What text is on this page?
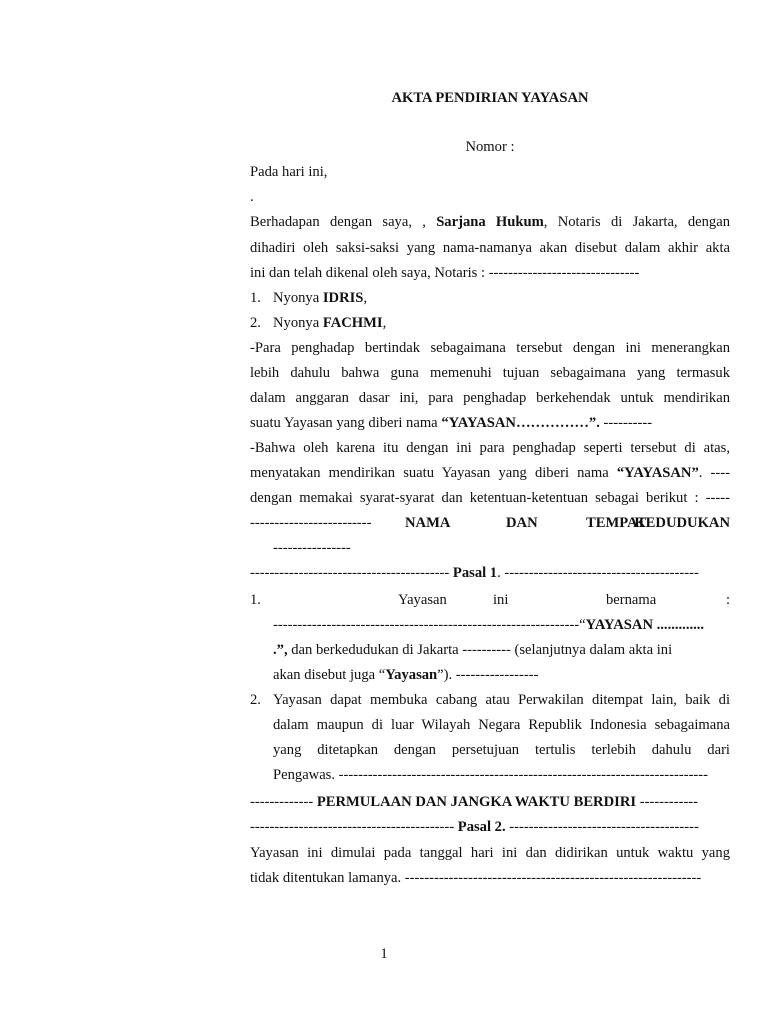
AKTA PENDIRIAN YAYASAN
Nomor :
Pada hari ini,
.
Berhadapan dengan saya, , Sarjana Hukum, Notaris di Jakarta, dengan
dihadiri oleh saksi-saksi yang nama-namanya akan disebut dalam akhir akta
ini dan telah dikenal oleh saya, Notaris : -------------------------------
1. Nyonya IDRIS,
2. Nyonya FACHMI,
-Para penghadap bertindak sebagaimana tersebut dengan ini menerangkan
lebih dahulu bahwa guna memenuhi tujuan sebagaimana yang termasuk
dalam anggaran dasar ini, para penghadap berkehendak untuk mendirikan
suatu Yayasan yang diberi nama “YAYASAN……………”. ----------
-Bahwa oleh karena itu dengan ini para penghadap seperti tersebut di atas,
menyatakan mendirikan suatu Yayasan yang diberi nama “YAYASAN”. ----
dengan memakai syarat-syarat dan ketentuan-ketentuan sebagai berikut : -----
------------------------- NAMA	DAN	TEMPAT
KEDUDUKAN
----------------
----------------------------------------- Pasal 1. ----------------------------------------
1.	Yayasan	ini	bernama	:
---------------------------------------------------------------“YAYASAN .............
.”, dan berkedudukan di Jakarta ---------- (selanjutnya dalam akta ini
akan disebut juga “Yayasan”). -----------------
2. Yayasan dapat membuka cabang atau Perwakilan ditempat lain, baik di
dalam maupun di luar Wilayah Negara Republik Indonesia sebagaimana
yang ditetapkan dengan persetujuan tertulis terlebih dahulu dari
Pengawas. ----------------------------------------------------------------------------
------------- PERMULAAN DAN JANGKA WAKTU BERDIRI ------------
------------------------------------------ Pasal 2. ---------------------------------------
Yayasan ini dimulai pada tanggal hari ini dan didirikan untuk waktu yang
tidak ditentukan lamanya. -------------------------------------------------------------
1
